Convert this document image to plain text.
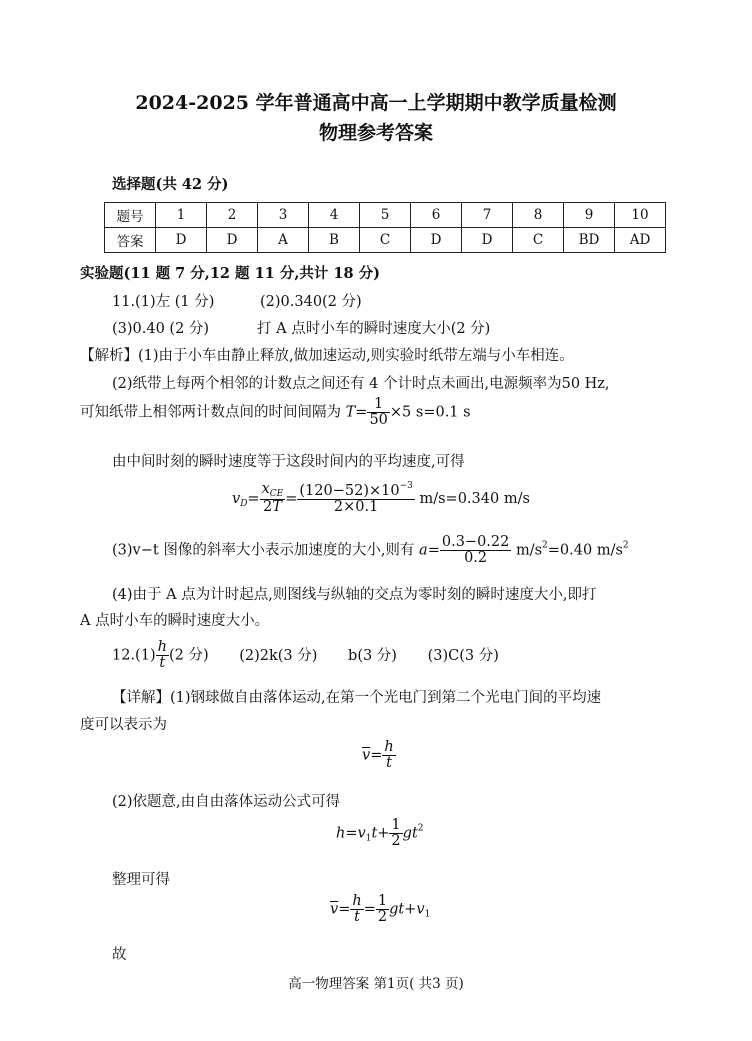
2024-2025 学年普通高中高一上学期期中教学质量检测
物理参考答案
选择题(共 42 分)
题号	1	2	3	4	5	6	7	8	9	10
答案	D	D	A	B	C	D	D	C	BD	AD
实验题(11 题 7 分,12 题 11 分,共计 18 分)
11.(1)左 (1 分)	(2)0.340(2 分)
(3)0.40 (2 分)	打 A 点时小车的瞬时速度大小(2 分)
【解析】(1)由于小车由静止释放,做加速运动,则实验时纸带左端与小车相连。
(2)纸带上每两个相邻的计数点之间还有 4 个计时点未画出,电源频率为50 Hz,
可知纸带上相邻两计数点间的时间间隔为 $T= \frac{1}{50} \times 5$ s=0.1 s
由中间时刻的瞬时速度等于这段时间内的平均速度,可得
$v_D= \frac{x_{CE}}{2T} = \frac{(120-52)\times 10^{-3}}{2\times 0.1} m/s=0.340$ m/s
(3)v−t 图像的斜率大小表示加速度的大小,则有 $a= \frac{0.3-0.22}{0.2} m/s^2=0.40$ $m/s^2$
(4)由于 A 点为计时起点,则图线与纵轴的交点为零时刻的瞬时速度大小,即打
A 点时小车的瞬时速度大小。
$12.(1) \frac{h}{t} (2$ 分) (2)2k(3 分) b(3 分) (3)C(3 分)
【详解】(1)钢球做自由落体运动,在第一个光电门到第二个光电门间的平均速
度可以表示为
$\overline{v}= \frac{h}{t}$
(2)依题意,由自由落体运动公式可得
$h=v_1t+ \frac{1}{2} gt^2$
整理可得
$\overline{v}= \frac{h}{t} = \frac{1}{2} gt+v_1$
故
高一物理答案 第1页( 共3 页)
